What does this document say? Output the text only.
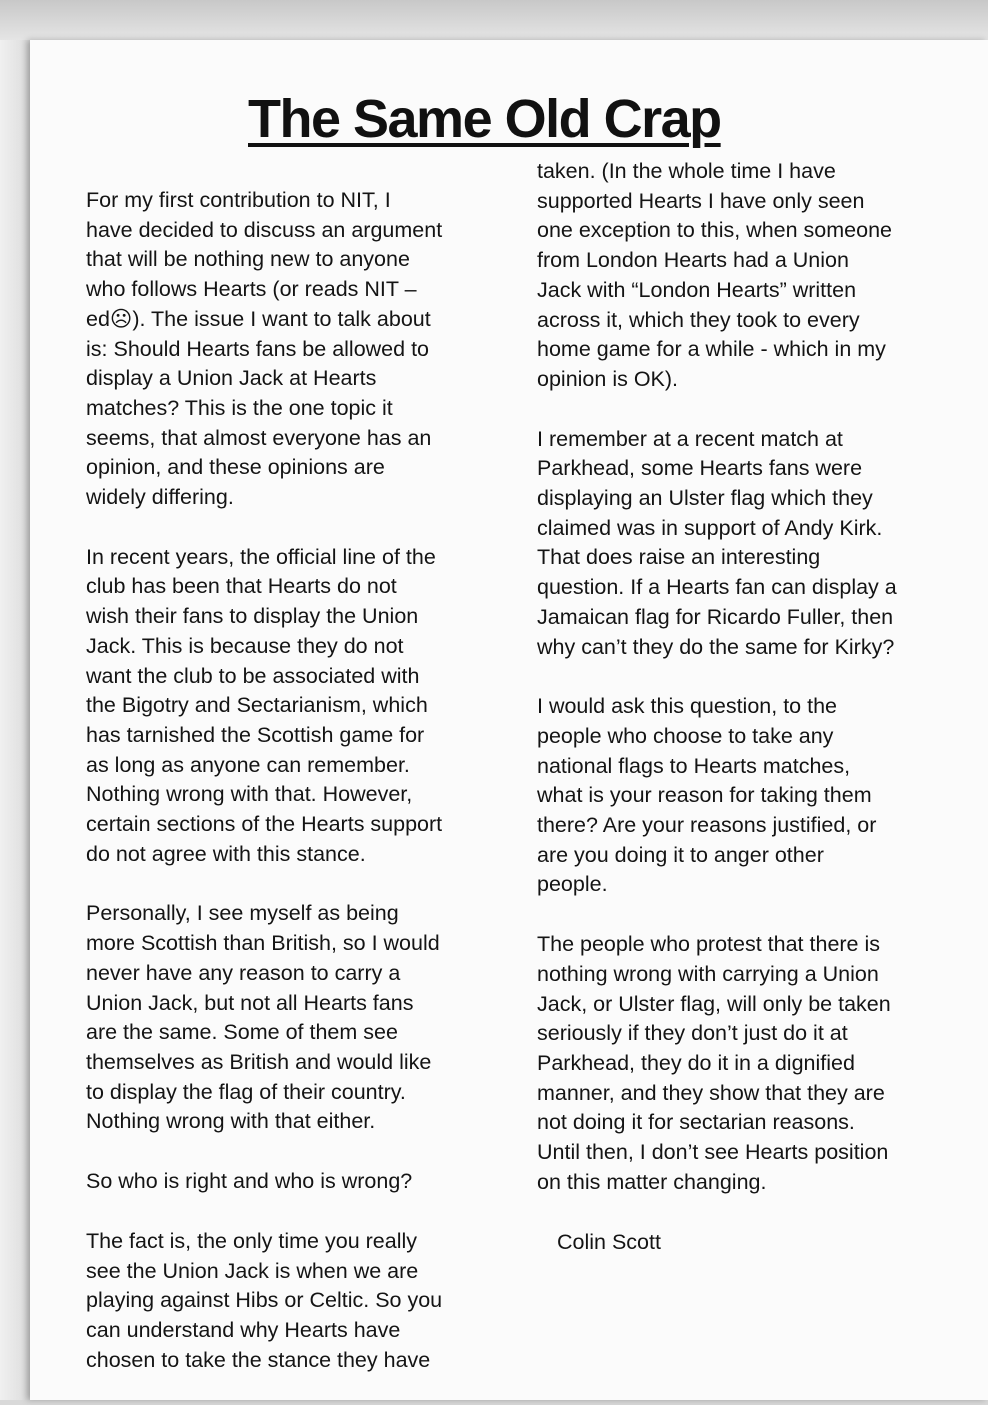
The Same Old Crap

For my first contribution to NIT, I
have decided to discuss an argument
that will be nothing new to anyone
who follows Hearts (or reads NIT –
ed☹). The issue I want to talk about
is: Should Hearts fans be allowed to
display a Union Jack at Hearts
matches? This is the one topic it
seems, that almost everyone has an
opinion, and these opinions are
widely differing.

In recent years, the official line of the
club has been that Hearts do not
wish their fans to display the Union
Jack. This is because they do not
want the club to be associated with
the Bigotry and Sectarianism, which
has tarnished the Scottish game for
as long as anyone can remember.
Nothing wrong with that. However,
certain sections of the Hearts support
do not agree with this stance.

Personally, I see myself as being
more Scottish than British, so I would
never have any reason to carry a
Union Jack, but not all Hearts fans
are the same. Some of them see
themselves as British and would like
to display the flag of their country.
Nothing wrong with that either.

So who is right and who is wrong?

The fact is, the only time you really
see the Union Jack is when we are
playing against Hibs or Celtic. So you
can understand why Hearts have
chosen to take the stance they have

taken. (In the whole time I have
supported Hearts I have only seen
one exception to this, when someone
from London Hearts had a Union
Jack with “London Hearts” written
across it, which they took to every
home game for a while - which in my
opinion is OK).

I remember at a recent match at
Parkhead, some Hearts fans were
displaying an Ulster flag which they
claimed was in support of Andy Kirk.
That does raise an interesting
question. If a Hearts fan can display a
Jamaican flag for Ricardo Fuller, then
why can’t they do the same for Kirky?

I would ask this question, to the
people who choose to take any
national flags to Hearts matches,
what is your reason for taking them
there? Are your reasons justified, or
are you doing it to anger other
people.

The people who protest that there is
nothing wrong with carrying a Union
Jack, or Ulster flag, will only be taken
seriously if they don’t just do it at
Parkhead, they do it in a dignified
manner, and they show that they are
not doing it for sectarian reasons.
Until then, I don’t see Hearts position
on this matter changing.

Colin Scott
